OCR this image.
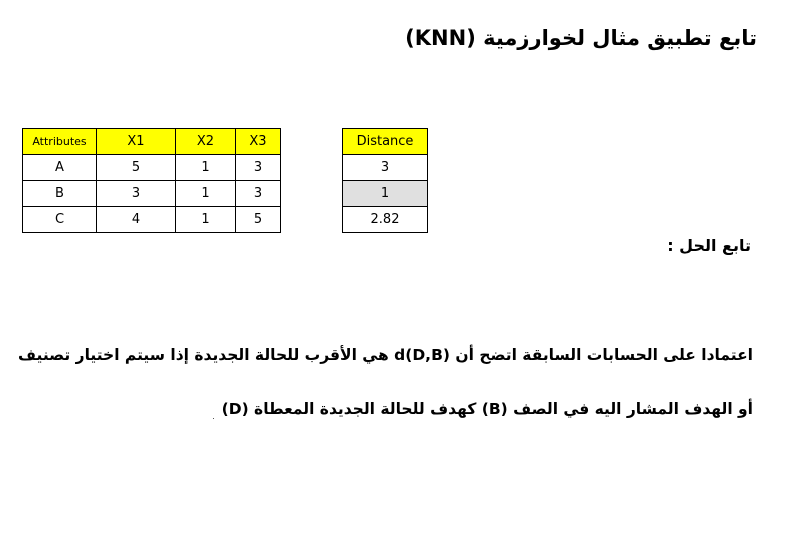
تابع تطبيق مثال لخوارزمية (KNN)
Attributes	X1	X2	X3
A	5	1	3
B	3	1	3
C	4	1	5
Distance
3
1
2.82
تابع الحل :
اعتمادا على الحسابات السابقة اتضح أن d(D,B) هي الأقرب للحالة الجديدة إذا سيتم اختيار تصنيف
أو الهدف المشار اليه في الصف (B) كهدف للحالة الجديدة المعطاة (D)
